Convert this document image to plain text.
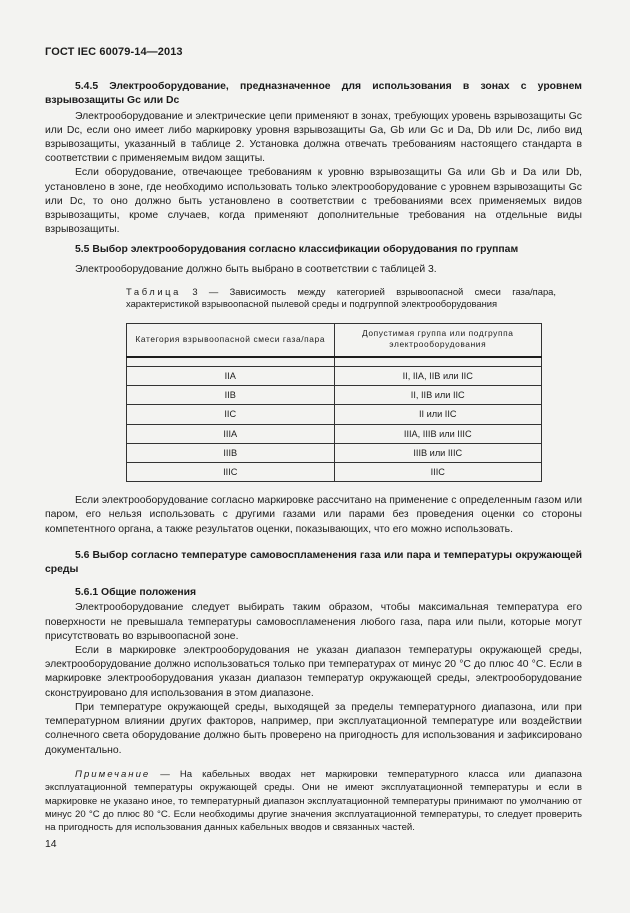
ГОСТ IEC 60079-14—2013
5.4.5 Электрооборудование, предназначенное для использования в зонах с уровнем взрывозащиты Gc или Dc

Электрооборудование и электрические цепи применяют в зонах, требующих уровень взрывозащиты Gc или Dc, если оно имеет либо маркировку уровня взрывозащиты Ga, Gb или Gc и Da, Db или Dc, либо вид взрывозащиты, указанный в таблице 2. Установка должна отвечать требованиям настоящего стандарта в соответствии с применяемым видом защиты.

Если оборудование, отвечающее требованиям к уровню взрывозащиты Ga или Gb и Da или Db, установлено в зоне, где необходимо использовать только электрооборудование с уровнем взрывозащиты Gc или Dc, то оно должно быть установлено в соответствии с требованиями всех применяемых видов взрывозащиты, кроме случаев, когда применяют дополнительные требования на отдельные виды взрывозащиты.

5.5 Выбор электрооборудования согласно классификации оборудования по группам

Электрооборудование должно быть выбрано в соответствии с таблицей 3.

Таблица 3 — Зависимость между категорией взрывоопасной смеси газа/пара, характеристикой взрывоопасной пылевой среды и подгруппой электрооборудования
Категория взрывоопасной смеси газа/пара	Допустимая группа или подгруппа электрооборудования

IIA	II, IIA, IIB или IIC
IIB	II, IIB или IIC
IIC	II или IIC
IIIA	IIIA, IIIB или IIIC
IIIB	IIIB или IIIC
IIIC	IIIC

Если электрооборудование согласно маркировке рассчитано на применение с определенным газом или паром, его нельзя использовать с другими газами или парами без проведения оценки со стороны компетентного органа, а также результатов оценки, показывающих, что его можно использовать.

5.6 Выбор согласно температуре самовоспламенения газа или пара и температуры окружающей среды
5.6.1 Общие положения

Электрооборудование следует выбирать таким образом, чтобы максимальная температура его поверхности не превышала температуры самовоспламенения любого газа, пара или пыли, которые могут присутствовать во взрывоопасной зоне.

Если в маркировке электрооборудования не указан диапазон температуры окружающей среды, электрооборудование должно использоваться только при температурах от минус 20 °С до плюс 40 °С. Если в маркировке электрооборудования указан диапазон температур окружающей среды, электрооборудование сконструировано для использования в этом диапазоне.

При температуре окружающей среды, выходящей за пределы температурного диапазона, или при температурном влиянии других факторов, например, при эксплуатационной температуре или воздействии солнечного света оборудование должно быть проверено на пригодность для использования и зафиксировано документально.

Примечание — На кабельных вводах нет маркировки температурного класса или диапазона эксплуатационной температуры окружающей среды. Они не имеют эксплуатационной температуры и если в маркировке не указано иное, то температурный диапазон эксплуатационной температуры принимают по умолчанию от минус 20 °С до плюс 80 °С. Если необходимы другие значения эксплуатационной температуры, то следует проверить на пригодность для использования данных кабельных вводов и связанных частей.
14
